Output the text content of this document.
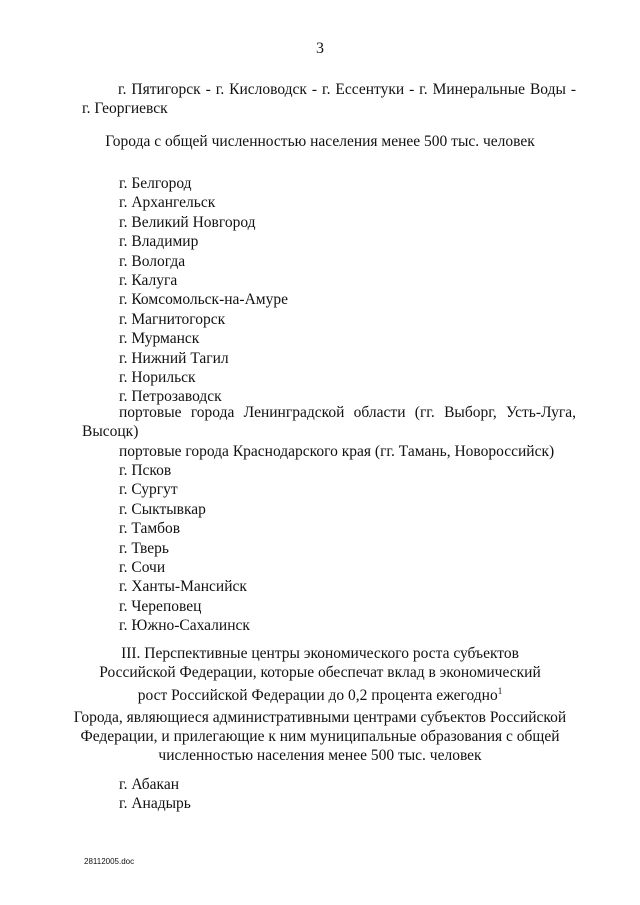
3
г. Пятигорск - г. Кисловодск - г. Ессентуки - г. Минеральные Воды -
г. Георгиевск
Города с общей численностью населения менее 500 тыс. человек
г. Белгород
г. Архангельск
г. Великий Новгород
г. Владимир
г. Вологда
г. Калуга
г. Комсомольск-на-Амуре
г. Магнитогорск
г. Мурманск
г. Нижний Тагил
г. Норильск
г. Петрозаводск
портовые города Ленинградской области (гг. Выборг, Усть-Луга,
Высоцк)
портовые города Краснодарского края (гг. Тамань, Новороссийск)
г. Псков
г. Сургут
г. Сыктывкар
г. Тамбов
г. Тверь
г. Сочи
г. Ханты-Мансийск
г. Череповец
г. Южно-Сахалинск
III. Перспективные центры экономического роста субъектов
Российской Федерации, которые обеспечат вклад в экономический
рост Российской Федерации до 0,2 процента ежегодно$^1$
Города, являющиеся административными центрами субъектов Российской
Федерации, и прилегающие к ним муниципальные образования с общей
численностью населения менее 500 тыс. человек
г. Абакан
г. Анадырь
28112005.doc
